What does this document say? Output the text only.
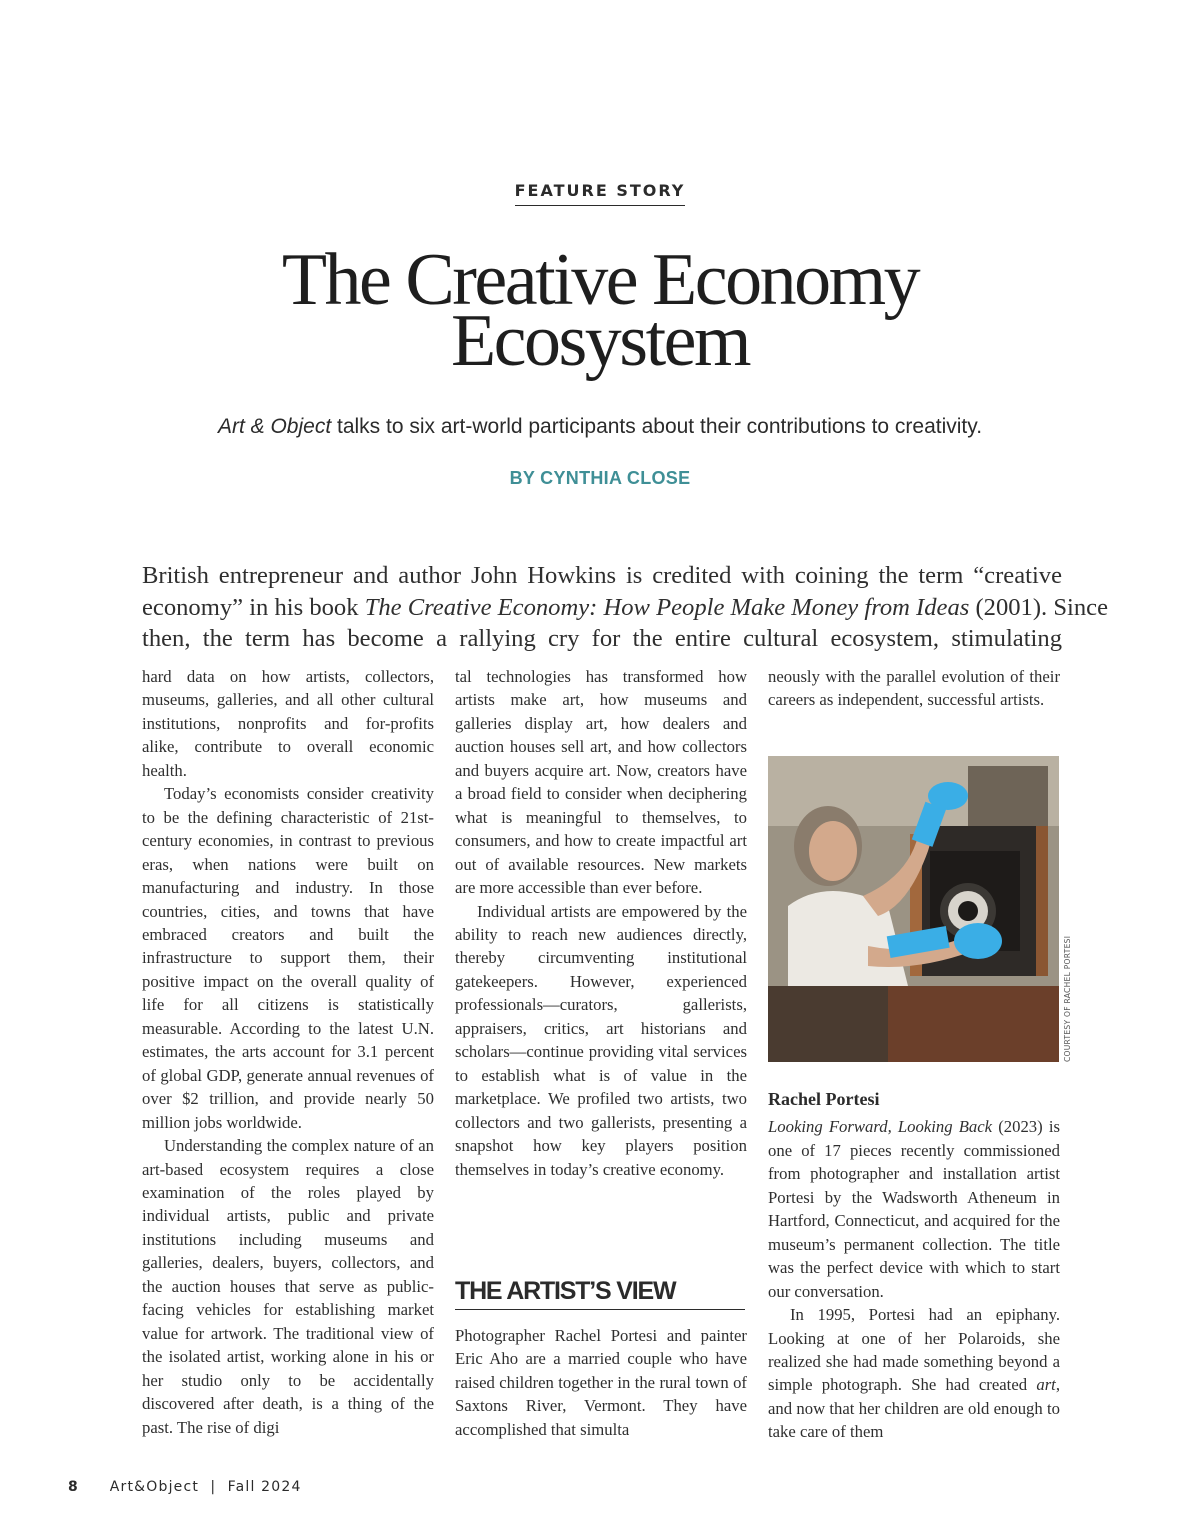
FEATURE STORY
The Creative Economy
Ecosystem
Art & Object talks to six art-world participants about their contributions to creativity.
BY CYNTHIA CLOSE

British entrepreneur and author John Howkins is credited with coining the term “creative
economy” in his book The Creative Economy: How People Make Money from Ideas (2001). Since
then, the term has become a rallying cry for the entire cultural ecosystem, stimulating

hard data on how artists, collectors, museums, galleries, and all other cultural institutions, nonprofits and for-profits alike, contribute to overall economic health.

Today’s economists consider creativity to be the defining characteristic of 21st-century economies, in contrast to previous eras, when nations were built on manufacturing and industry. In those countries, cities, and towns that have embraced creators and built the infrastructure to support them, their positive impact on the overall quality of life for all citizens is statistically measurable. According to the latest U.N. estimates, the arts account for 3.1 percent of global GDP, generate annual revenues of over $2 trillion, and provide nearly 50 million jobs worldwide.

Understanding the complex nature of an art-based ecosystem requires a close examination of the roles played by individual artists, public and private institutions including museums and galleries, dealers, buyers, collectors, and the auction houses that serve as public-facing vehicles for establishing market value for artwork. The traditional view of the isolated artist, working alone in his or her studio only to be accidentally discovered after death, is a thing of the past. The rise of digi

tal technologies has transformed how artists make art, how museums and galleries display art, how dealers and auction houses sell art, and how collectors and buyers acquire art. Now, creators have a broad field to consider when deciphering what is meaningful to themselves, to consumers, and how to create impactful art out of available resources. New markets are more accessible than ever before.

Individual artists are empowered by the ability to reach new audiences directly, thereby circumventing institutional gatekeepers. However, experienced professionals—curators, gallerists, appraisers, critics, art historians and scholars—continue providing vital services to establish what is of value in the marketplace. We profiled two artists, two collectors and two gallerists, presenting a snapshot how key players position themselves in today’s creative economy.

THE ARTIST’S VIEW

Photographer Rachel Portesi and painter Eric Aho are a married couple who have raised children together in the rural town of Saxtons River, Vermont. They have accomplished that simulta

neously with the parallel evolution of their careers as independent, successful artists.

COURTESY OF RACHEL PORTESI
Rachel Portesi

Looking Forward, Looking Back (2023) is one of 17 pieces recently commissioned from photographer and installation artist Portesi by the Wadsworth Atheneum in Hartford, Connecticut, and acquired for the museum’s permanent collection. The title was the perfect device with which to start our conversation.

In 1995, Portesi had an epiphany. Looking at one of her Polaroids, she realized she had made something beyond a simple photograph. She had created art, and now that her children are old enough to take care of them

8 Art&Object  |  Fall 2024
